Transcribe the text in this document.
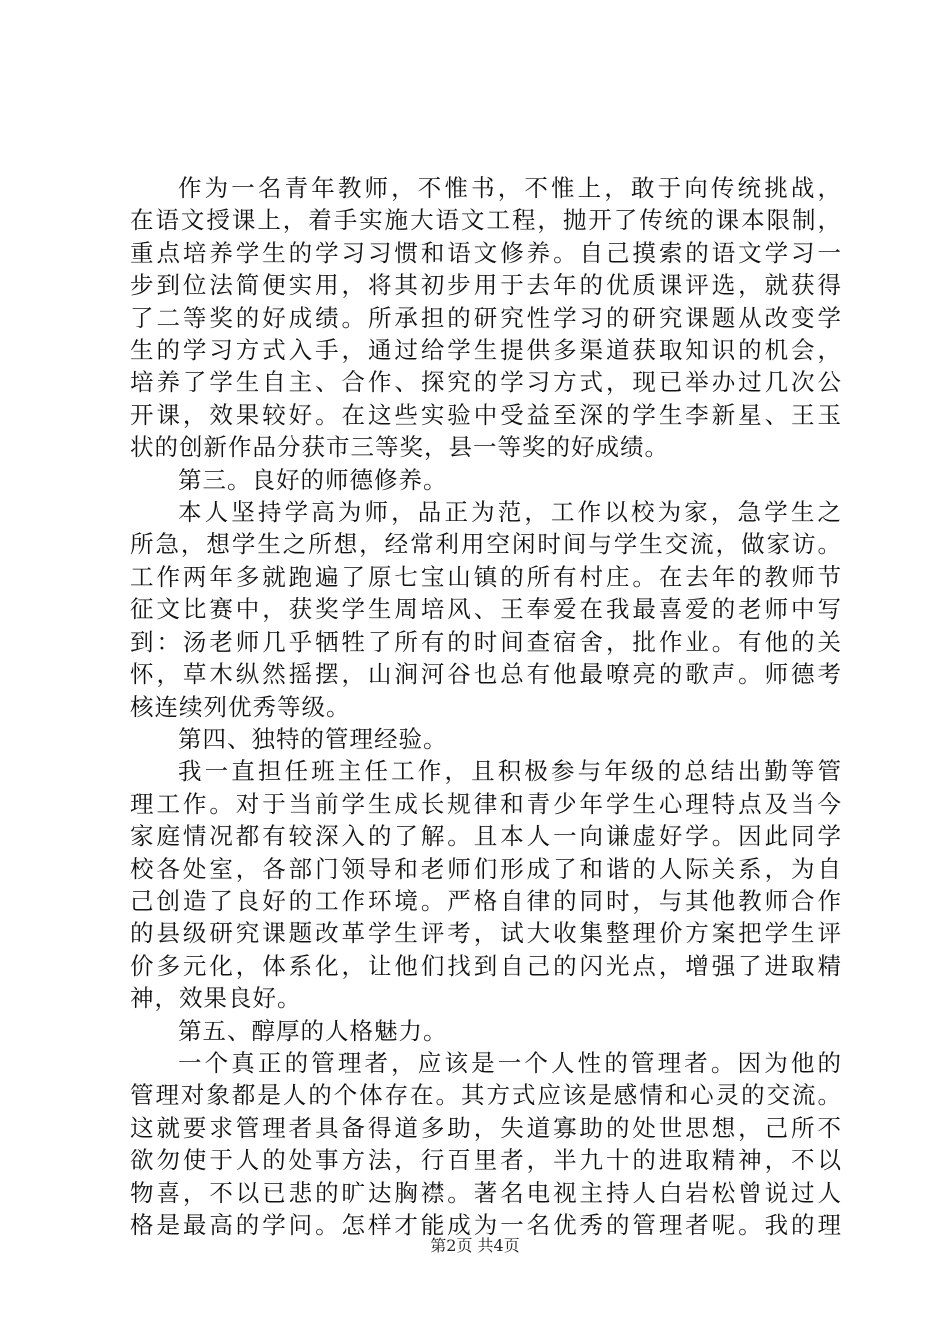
作为一名青年教师，不惟书，不惟上，敢于向传统挑战，
在语文授课上，着手实施大语文工程，抛开了传统的课本限制，
重点培养学生的学习习惯和语文修养。自己摸索的语文学习一
步到位法简便实用，将其初步用于去年的优质课评选，就获得
了二等奖的好成绩。所承担的研究性学习的研究课题从改变学
生的学习方式入手，通过给学生提供多渠道获取知识的机会，
培养了学生自主、合作、探究的学习方式，现已举办过几次公
开课，效果较好。在这些实验中受益至深的学生李新星、王玉
状的创新作品分获市三等奖，县一等奖的好成绩。
第三。良好的师德修养。
本人坚持学高为师，品正为范，工作以校为家，急学生之
所急，想学生之所想，经常利用空闲时间与学生交流，做家访。
工作两年多就跑遍了原七宝山镇的所有村庄。在去年的教师节
征文比赛中，获奖学生周培风、王奉爱在我最喜爱的老师中写
到：汤老师几乎牺牲了所有的时间查宿舍，批作业。有他的关
怀，草木纵然摇摆，山涧河谷也总有他最嘹亮的歌声。师德考
核连续列优秀等级。
第四、独特的管理经验。
我一直担任班主任工作，且积极参与年级的总结出勤等管
理工作。对于当前学生成长规律和青少年学生心理特点及当今
家庭情况都有较深入的了解。且本人一向谦虚好学。因此同学
校各处室，各部门领导和老师们形成了和谐的人际关系，为自
己创造了良好的工作环境。严格自律的同时，与其他教师合作
的县级研究课题改革学生评考，试大收集整理价方案把学生评
价多元化，体系化，让他们找到自己的闪光点，增强了进取精
神，效果良好。
第五、醇厚的人格魅力。
一个真正的管理者，应该是一个人性的管理者。因为他的
管理对象都是人的个体存在。其方式应该是感情和心灵的交流。
这就要求管理者具备得道多助，失道寡助的处世思想，己所不
欲勿使于人的处事方法，行百里者，半九十的进取精神，不以
物喜，不以已悲的旷达胸襟。著名电视主持人白岩松曾说过人
格是最高的学问。怎样才能成为一名优秀的管理者呢。我的理
第2页 共4页
